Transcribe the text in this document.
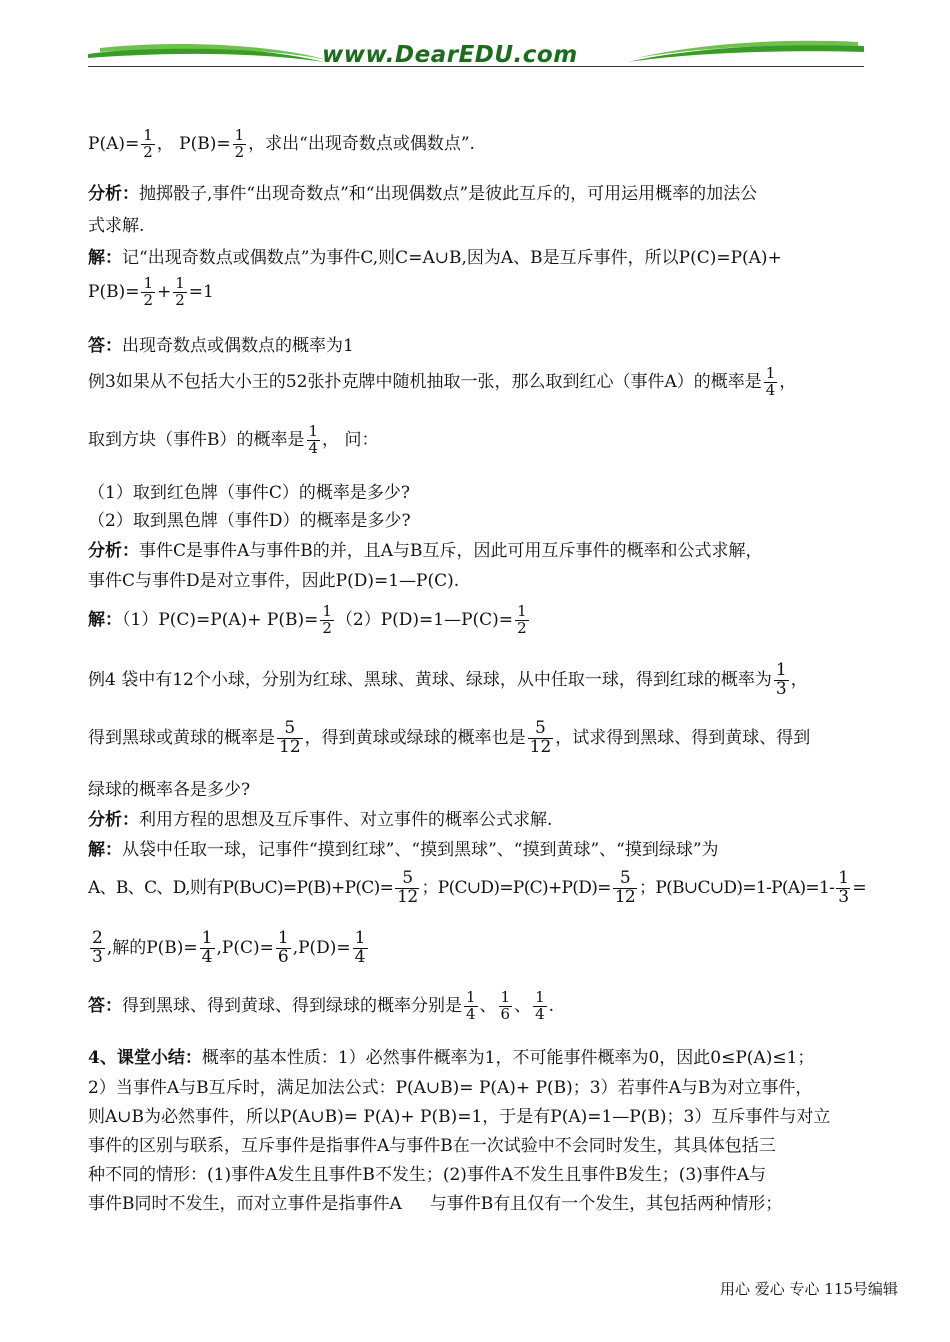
www.DearEDU.com
$P(A)= \frac{1}{2}$ ， $P(B)= \frac{1}{2}$ ，求出“出现奇数点或偶数点”.
分析：抛掷骰子,事件“出现奇数点”和“出现偶数点”是彼此互斥的，可用运用概率的加法公
式求解.
解：记“出现奇数点或偶数点”为事件C,则C=A∪B,因为A、B是互斥事件，所以P(C)=P(A)+
$P(B)= \frac{1}{2} + \frac{1}{2} =1$
答：出现奇数点或偶数点的概率为1
例3如果从不包括大小王的52张扑克牌中随机抽取一张，那么取到红心（事件A）的概率是 $\frac{1}{4}$ ，
取到方块（事件B）的概率是 $\frac{1}{4}$ ， 问：
（1）取到红色牌（事件C）的概率是多少?
（2）取到黑色牌（事件D）的概率是多少?
分析：事件C是事件A与事件B的并，且A与B互斥，因此可用互斥事件的概率和公式求解，
事件C与事件D是对立事件，因此P(D)=1—P(C).
解：$(1)P(C)=P(A)+ P(B)= \frac{1}{2}$ （2）P(D)=1—P(C)= $\frac{1}{2}$
例4 袋中有12个小球，分别为红球、黑球、黄球、绿球，从中任取一球，得到红球的概率为 $\frac{1}{3}$ ，
得到黑球或黄球的概率是 $\frac{5}{12}$ ，得到黄球或绿球的概率也是 $\frac{5}{12}$ ，试求得到黑球、得到黄球、得到
绿球的概率各是多少?
分析：利用方程的思想及互斥事件、对立事件的概率公式求解.
解：从袋中任取一球，记事件“摸到红球”、“摸到黑球”、“摸到黄球”、“摸到绿球”为
A、B、C、D,则有P(B∪C)=P(B)+P(C)= $\frac{5}{12}$ ；P(C∪D)=P(C)+P(D)= $\frac{5}{12}$ ；P(B∪C∪D)=1-P(A)=1- $\frac{1}{3}$ =
$\frac{2}{3}$ ,解的$P(B)= \frac{1}{4} ,P(C)= \frac{1}{6} ,P(D)= \frac{1}{4}$
答：得到黑球、得到黄球、得到绿球的概率分别是 $\frac{1}{4}$ 、 $\frac{1}{6}$ 、 $\frac{1}{4}$ .
4、课堂小结：概率的基本性质：1）必然事件概率为1，不可能事件概率为0，因此0≤P(A)≤1；
2）当事件A与B互斥时，满足加法公式：P(A∪B)= P(A)+ P(B)；3）若事件A与B为对立事件，
则A∪B为必然事件，所以P(A∪B)= P(A)+ P(B)=1，于是有P(A)=1—P(B)；3）互斥事件与对立
事件的区别与联系，互斥事件是指事件A与事件B在一次试验中不会同时发生，其具体包括三
种不同的情形：(1)事件A发生且事件B不发生；(2)事件A不发生且事件B发生；(3)事件A与
事件B同时不发生，而对立事件是指事件A 与事件B有且仅有一个发生，其包括两种情形；
用心 爱心 专心 115号编辑
